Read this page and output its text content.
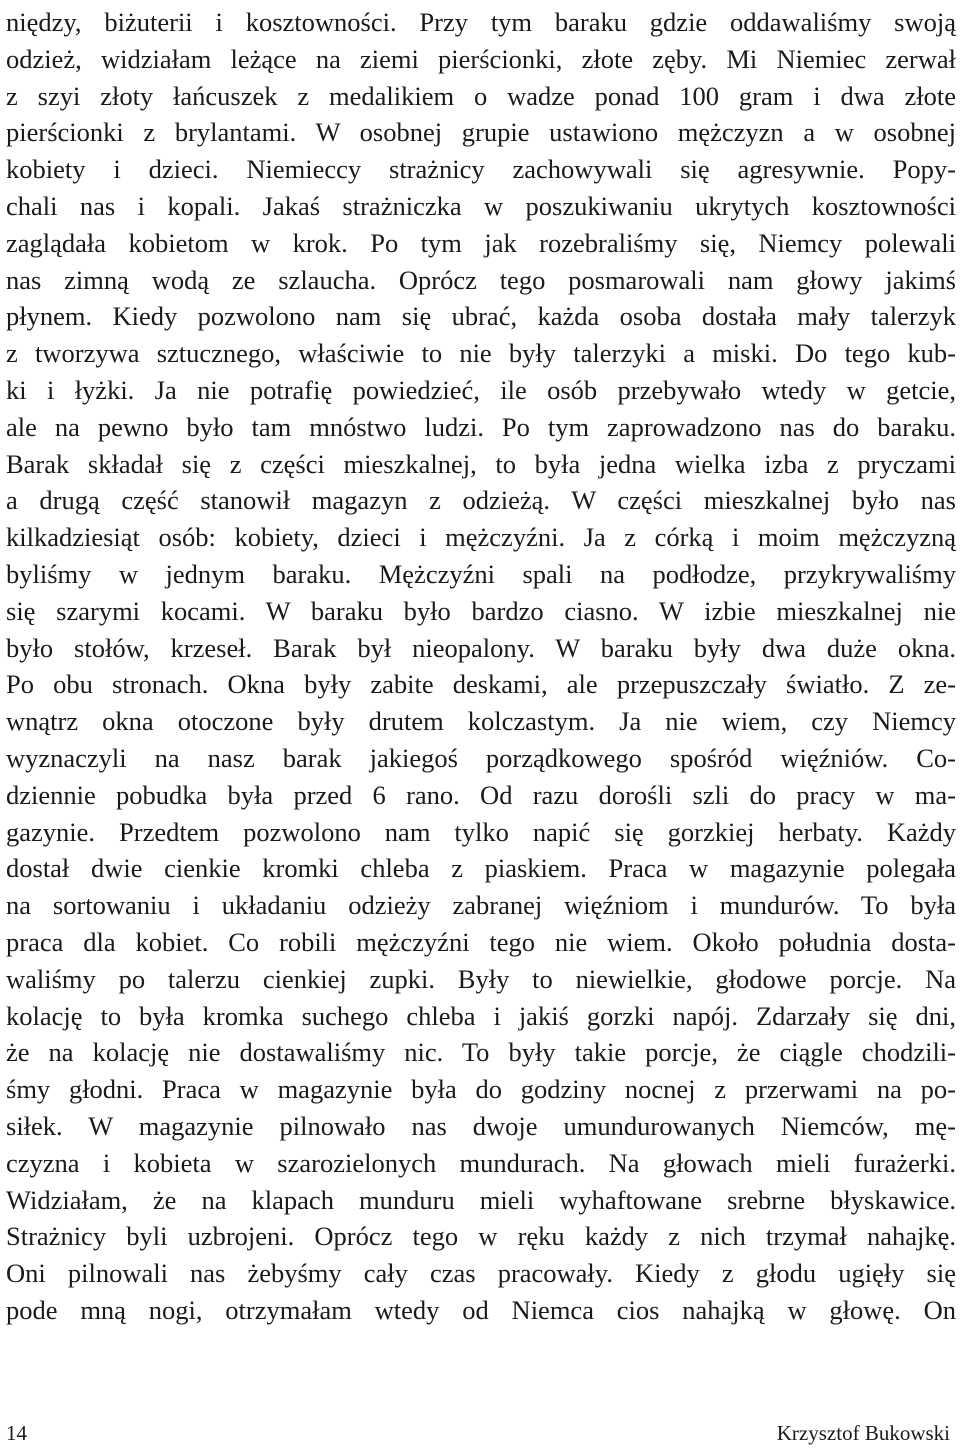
niędzy, biżuterii i kosztowności. Przy tym baraku gdzie oddawaliśmy swoją
odzież, widziałam leżące na ziemi pierścionki, złote zęby. Mi Niemiec zerwał
z szyi złoty łańcuszek z medalikiem o wadze ponad 100 gram i dwa złote
pierścionki z brylantami. W osobnej grupie ustawiono mężczyzn a w osobnej
kobiety i dzieci. Niemieccy strażnicy zachowywali się agresywnie. Popy-
chali nas i kopali. Jakaś strażniczka w poszukiwaniu ukrytych kosztowności
zaglądała kobietom w krok. Po tym jak rozebraliśmy się, Niemcy polewali
nas zimną wodą ze szlaucha. Oprócz tego posmarowali nam głowy jakimś
płynem. Kiedy pozwolono nam się ubrać, każda osoba dostała mały talerzyk
z tworzywa sztucznego, właściwie to nie były talerzyki a miski. Do tego kub-
ki i łyżki. Ja nie potrafię powiedzieć, ile osób przebywało wtedy w getcie,
ale na pewno było tam mnóstwo ludzi. Po tym zaprowadzono nas do baraku.
Barak składał się z części mieszkalnej, to była jedna wielka izba z pryczami
a drugą część stanowił magazyn z odzieżą. W części mieszkalnej było nas
kilkadziesiąt osób: kobiety, dzieci i mężczyźni. Ja z córką i moim mężczyzną
byliśmy w jednym baraku. Mężczyźni spali na podłodze, przykrywaliśmy
się szarymi kocami. W baraku było bardzo ciasno. W izbie mieszkalnej nie
było stołów, krzeseł. Barak był nieopalony. W baraku były dwa duże okna.
Po obu stronach. Okna były zabite deskami, ale przepuszczały światło. Z ze-
wnątrz okna otoczone były drutem kolczastym. Ja nie wiem, czy Niemcy
wyznaczyli na nasz barak jakiegoś porządkowego spośród więźniów. Co-
dziennie pobudka była przed 6 rano. Od razu dorośli szli do pracy w ma-
gazynie. Przedtem pozwolono nam tylko napić się gorzkiej herbaty. Każdy
dostał dwie cienkie kromki chleba z piaskiem. Praca w magazynie polegała
na sortowaniu i układaniu odzieży zabranej więźniom i mundurów. To była
praca dla kobiet. Co robili mężczyźni tego nie wiem. Około południa dosta-
waliśmy po talerzu cienkiej zupki. Były to niewielkie, głodowe porcje. Na
kolację to była kromka suchego chleba i jakiś gorzki napój. Zdarzały się dni,
że na kolację nie dostawaliśmy nic. To były takie porcje, że ciągle chodzili-
śmy głodni. Praca w magazynie była do godziny nocnej z przerwami na po-
siłek. W magazynie pilnowało nas dwoje umundurowanych Niemców, mę-
czyzna i kobieta w szarozielonych mundurach. Na głowach mieli furażerki.
Widziałam, że na klapach munduru mieli wyhaftowane srebrne błyskawice.
Strażnicy byli uzbrojeni. Oprócz tego w ręku każdy z nich trzymał nahajkę.
Oni pilnowali nas żebyśmy cały czas pracowały. Kiedy z głodu ugięły się
pode mną nogi, otrzymałam wtedy od Niemca cios nahajką w głowę. On
14	Krzysztof Bukowski
